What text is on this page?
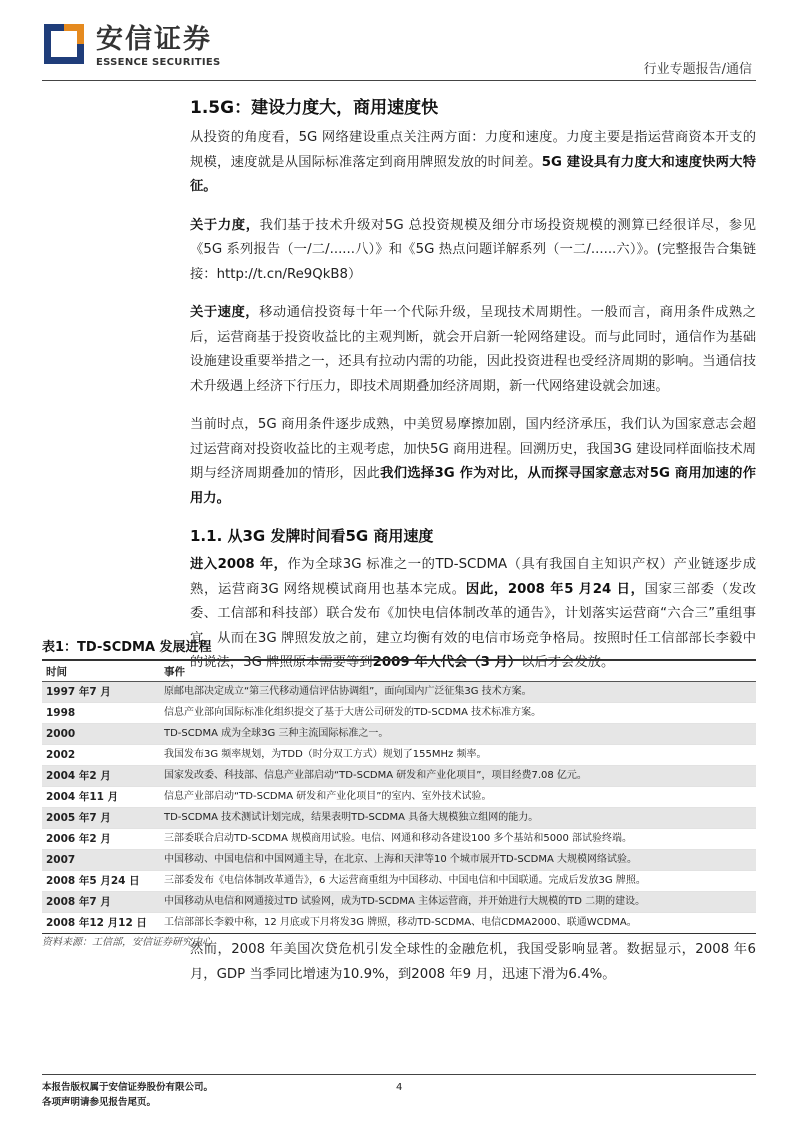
安信证券
ESSENCE SECURITIES	行业专题报告/通信
1.5G：建设力度大，商用速度快

从投资的角度看，5G 网络建设重点关注两方面：力度和速度。力度主要是指运营商资本开支的规模，速度就是从国际标准落定到商用牌照发放的时间差。5G 建设具有力度大和速度快两大特征。

关于力度，我们基于技术升级对5G 总投资规模及细分市场投资规模的测算已经很详尽，参见《5G 系列报告（一/二/......八）》和《5G 热点问题详解系列（一二/......六）》。(完整报告合集链接：http://t.cn/Re9QkB8）

关于速度，移动通信投资每十年一个代际升级，呈现技术周期性。一般而言，商用条件成熟之后，运营商基于投资收益比的主观判断，就会开启新一轮网络建设。而与此同时，通信作为基础设施建设重要举措之一，还具有拉动内需的功能，因此投资进程也受经济周期的影响。当通信技术升级遇上经济下行压力，即技术周期叠加经济周期，新一代网络建设就会加速。

当前时点，5G 商用条件逐步成熟，中美贸易摩擦加剧，国内经济承压，我们认为国家意志会超过运营商对投资收益比的主观考虑，加快5G 商用进程。回溯历史，我国3G 建设同样面临技术周期与经济周期叠加的情形，因此我们选择3G 作为对比，从而探寻国家意志对5G 商用加速的作用力。

1.1. 从3G 发牌时间看5G 商用速度

进入2008 年，作为全球3G 标准之一的TD-SCDMA（具有我国自主知识产权）产业链逐步成熟，运营商3G 网络规模试商用也基本完成。因此，2008 年5 月24 日，国家三部委（发改委、工信部和科技部）联合发布《加快电信体制改革的通告》，计划落实运营商“六合三”重组事宜，从而在3G 牌照发放之前，建立均衡有效的电信市场竞争格局。按照时任工信部部长李毅中的说法，3G 牌照原本需要等到2009 年人代会（3 月）以后才会发放。

表1：TD-SCDMA 发展进程
时间	事件
1997 年7 月	原邮电部决定成立“第三代移动通信评估协调组”，面向国内广泛征集3G 技术方案。
1998	信息产业部向国际标准化组织提交了基于大唐公司研发的TD-SCDMA 技术标准方案。
2000	TD-SCDMA 成为全球3G 三种主流国际标准之一。
2002	我国发布3G 频率规划，为TDD（时分双工方式）规划了155MHz 频率。
2004 年2 月	国家发改委、科技部、信息产业部启动“TD-SCDMA 研发和产业化项目”，项目经费7.08 亿元。
2004 年11 月	信息产业部启动“TD-SCDMA 研发和产业化项目”的室内、室外技术试验。
2005 年7 月	TD-SCDMA 技术测试计划完成，结果表明TD-SCDMA 具备大规模独立组网的能力。
2006 年2 月	三部委联合启动TD-SCDMA 规模商用试验。电信、网通和移动各建设100 多个基站和5000 部试验终端。
2007	中国移动、中国电信和中国网通主导，在北京、上海和天津等10 个城市展开TD-SCDMA 大规模网络试验。
2008 年5 月24 日	三部委发布《电信体制改革通告》，6 大运营商重组为中国移动、中国电信和中国联通。完成后发放3G 牌照。
2008 年7 月	中国移动从电信和网通接过TD 试验网，成为TD-SCDMA 主体运营商，并开始进行大规模的TD 二期的建设。
2008 年12 月12 日	工信部部长李毅中称，12 月底或下月将发3G 牌照，移动TD-SCDMA、电信CDMA2000、联通WCDMA。
资料来源：工信部，安信证券研究中心

然而，2008 年美国次贷危机引发全球性的金融危机，我国受影响显著。数据显示，2008 年6 月，GDP 当季同比增速为10.9%，到2008 年9 月，迅速下滑为6.4%。

本报告版权属于安信证券股份有限公司。
各项声明请参见报告尾页。
4
